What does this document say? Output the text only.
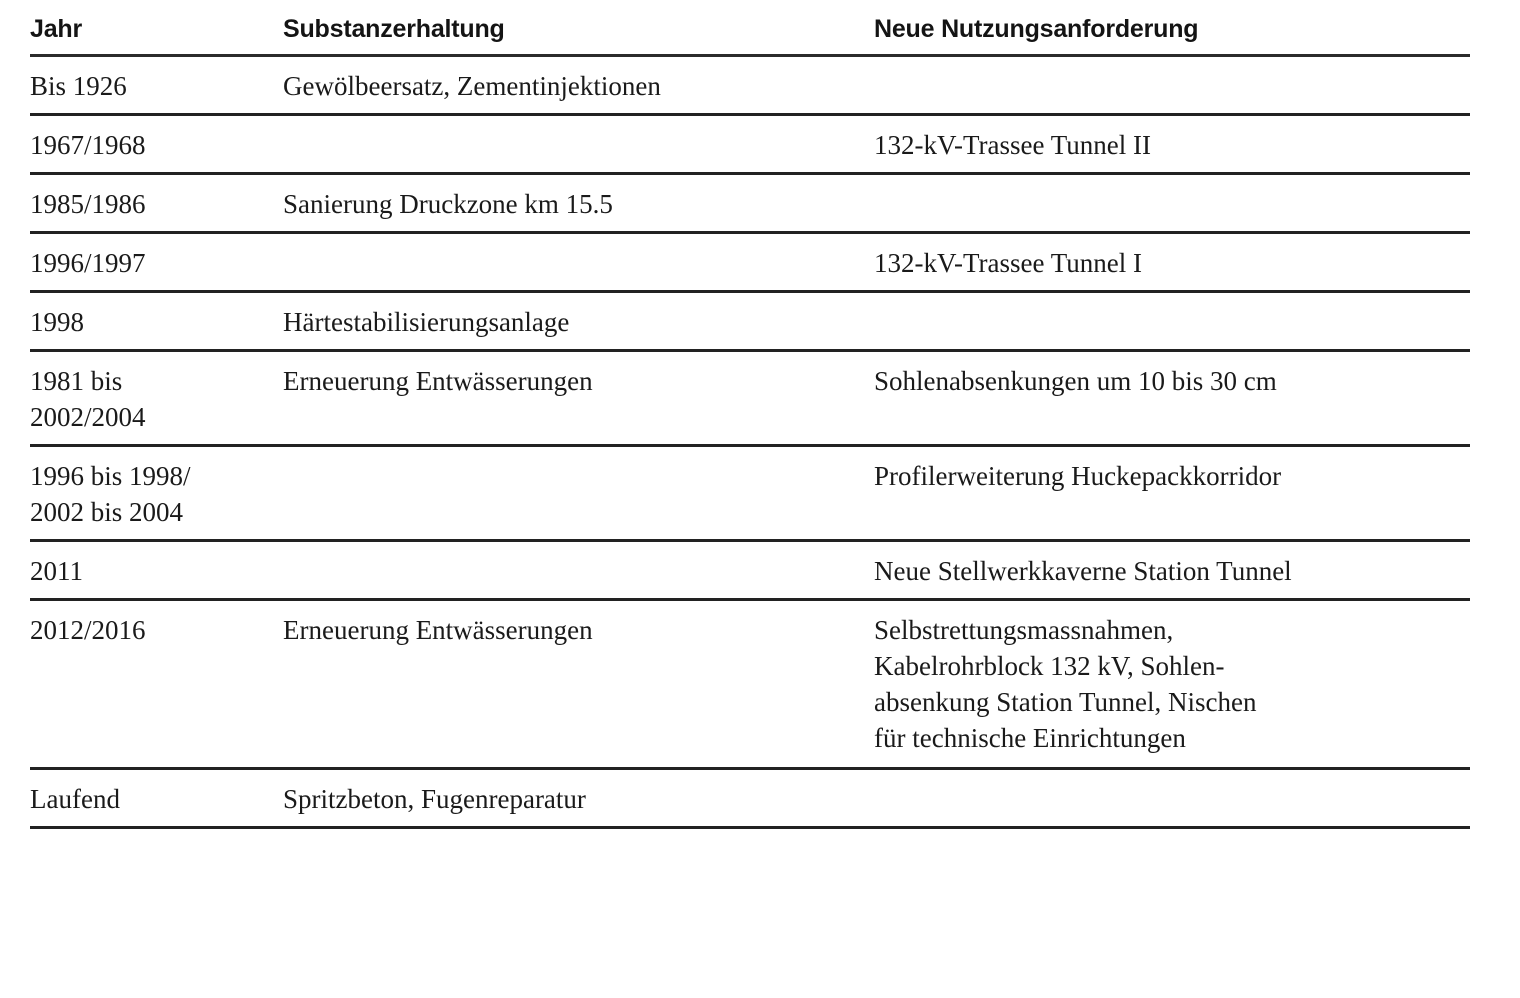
Jahr	Substanzerhaltung	Neue Nutzungsanforderung

Bis 1926	Gewölbeersatz, Zementinjektionen	

1967/1968		132-kV-Trassee Tunnel II

1985/1986	Sanierung Druckzone km 15.5	

1996/1997		132-kV-Trassee Tunnel I

1998	Härtestabilisierungsanlage	

1981 bis
2002/2004	Erneuerung Entwässerungen	Sohlenabsenkungen um 10 bis 30 cm

1996 bis 1998/
2002 bis 2004		Profilerweiterung Huckepackkorridor

2011		Neue Stellwerkkaverne Station Tunnel

2012/2016	Erneuerung Entwässerungen	Selbstrettungsmassnahmen,
Kabelrohrblock 132 kV, Sohlen-
absenkung Station Tunnel, Nischen
für technische Einrichtungen

Laufend	Spritzbeton, Fugenreparatur	
